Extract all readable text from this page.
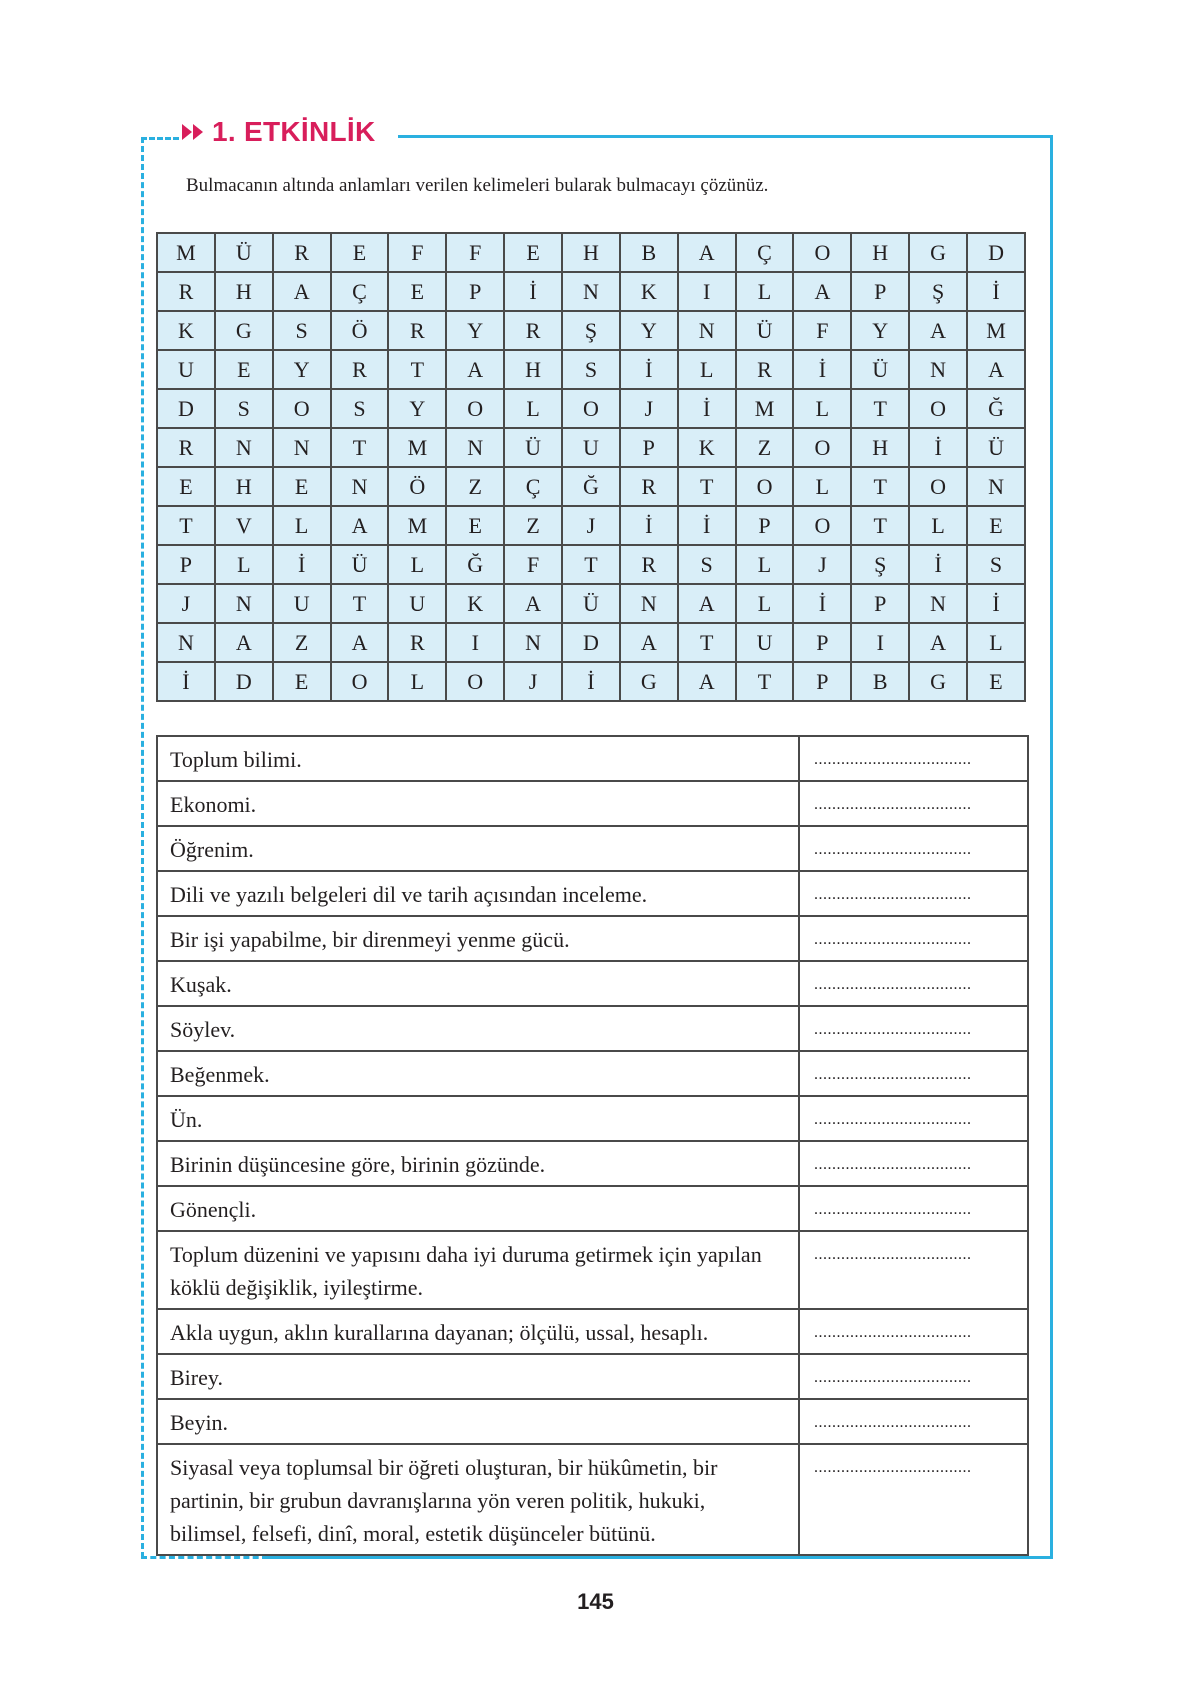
1. ETKİNLİK
Bulmacanın altında anlamları verilen kelimeleri bularak bulmacayı çözünüz.
M	Ü	R	E	F	F	E	H	B	A	Ç	O	H	G	D
R	H	A	Ç	E	P	İ	N	K	I	L	A	P	Ş	İ
K	G	S	Ö	R	Y	R	Ş	Y	N	Ü	F	Y	A	M
U	E	Y	R	T	A	H	S	İ	L	R	İ	Ü	N	A
D	S	O	S	Y	O	L	O	J	İ	M	L	T	O	Ğ
R	N	N	T	M	N	Ü	U	P	K	Z	O	H	İ	Ü
E	H	E	N	Ö	Z	Ç	Ğ	R	T	O	L	T	O	N
T	V	L	A	M	E	Z	J	İ	İ	P	O	T	L	E
P	L	İ	Ü	L	Ğ	F	T	R	S	L	J	Ş	İ	S
J	N	U	T	U	K	A	Ü	N	A	L	İ	P	N	İ
N	A	Z	A	R	I	N	D	A	T	U	P	I	A	L
İ	D	E	O	L	O	J	İ	G	A	T	P	B	G	E
Toplum bilimi.	...................................
Ekonomi.	...................................
Öğrenim.	...................................
Dili ve yazılı belgeleri dil ve tarih açısından inceleme.	...................................
Bir işi yapabilme, bir direnmeyi yenme gücü.	...................................
Kuşak.	...................................
Söylev.	...................................
Beğenmek.	...................................
Ün.	...................................
Birinin düşüncesine göre, birinin gözünde.	...................................
Gönençli.	...................................
Toplum düzenini ve yapısını daha iyi duruma getirmek için yapılan köklü değişiklik, iyileştirme.	...................................
Akla uygun, aklın kurallarına dayanan; ölçülü, ussal, hesaplı.	...................................
Birey.	...................................
Beyin.	...................................
Siyasal veya toplumsal bir öğreti oluşturan, bir hükûmetin, bir partinin, bir grubun davranışlarına yön veren politik, hukuki, bilimsel, felsefi, dinî, moral, estetik düşünceler bütünü.	...................................
145
